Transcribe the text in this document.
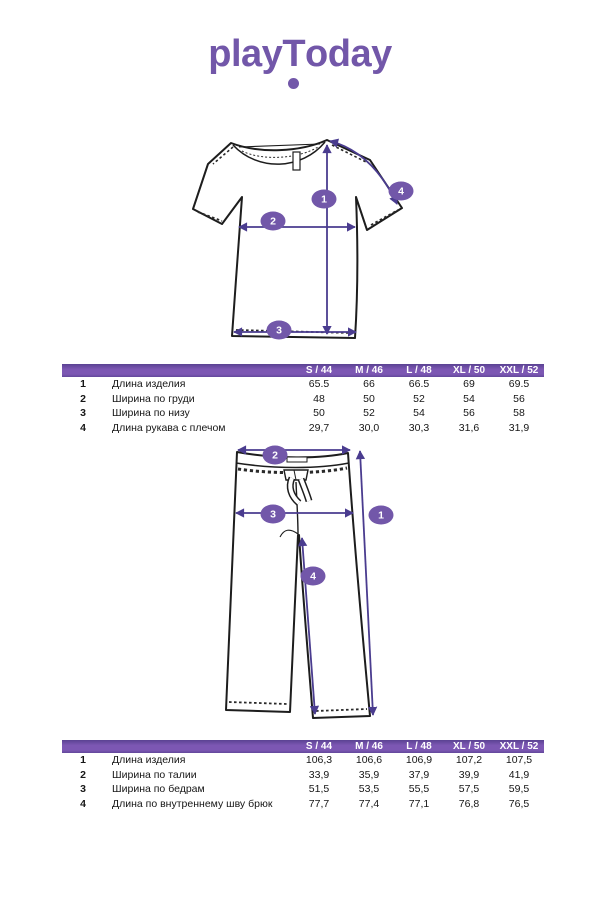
playT
oday
1
2
3
4
S / 44	M / 46	L / 48	XL / 50	XXL / 52
1	Длина изделия	65.5	66	66.5	69	69.5
2	Ширина по груди	48	50	52	54	56
3	Ширина по низу	50	52	54	56	58
4	Длина рукава с плечом	29,7	30,0	30,3	31,6	31,9
2
1
3
4
S / 44	M / 46	L / 48	XL / 50	XXL / 52
1	Длина изделия	106,3	106,6	106,9	107,2	107,5
2	Ширина по талии	33,9	35,9	37,9	39,9	41,9
3	Ширина по бедрам	51,5	53,5	55,5	57,5	59,5
4	Длина по внутреннему шву брюк	77,7	77,4	77,1	76,8	76,5
